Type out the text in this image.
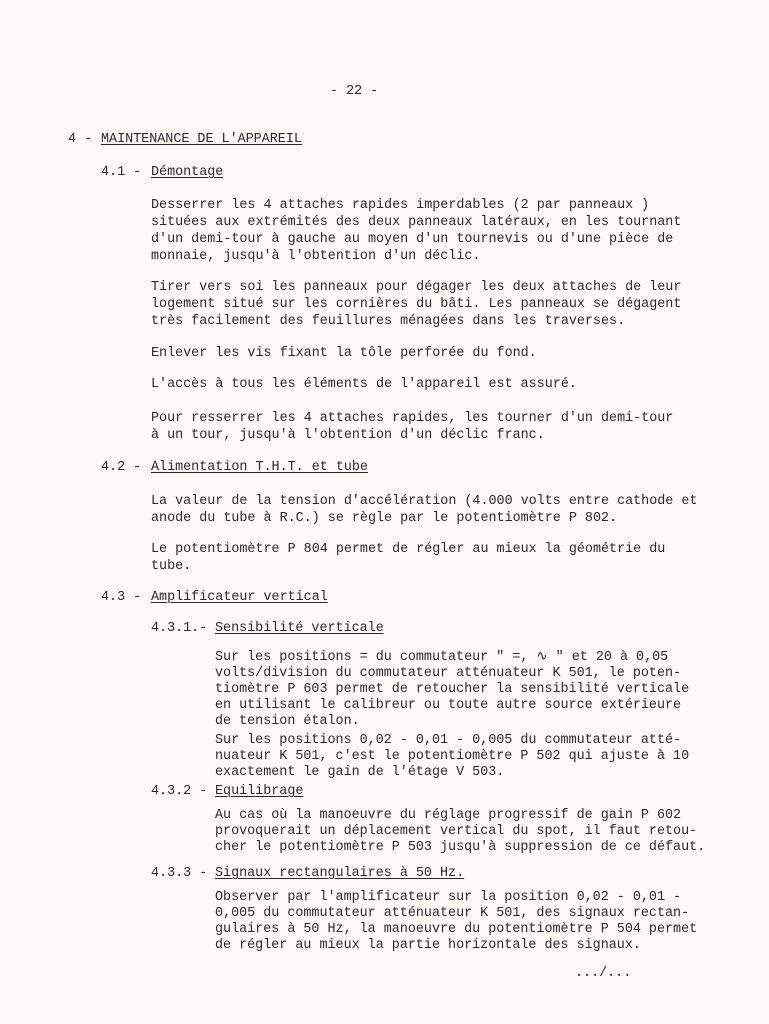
- 22 -
4 - MAINTENANCE DE L'APPAREIL
4.1 - Démontage
Desserrer les 4 attaches rapides imperdables (2 par panneaux )
situées aux extrémités des deux panneaux latéraux, en les tournant
d'un demi-tour à gauche au moyen d'un tournevis ou d'une pièce de
monnaie, jusqu'à l'obtention d'un déclic.
Tirer vers soi les panneaux pour dégager les deux attaches de leur
logement situé sur les cornières du bâti. Les panneaux se dégagent
très facilement des feuillures ménagées dans les traverses.
Enlever les vis fixant la tôle perforée du fond.
L'accès à tous les éléments de l'appareil est assuré.
Pour resserrer les 4 attaches rapides, les tourner d'un demi-tour
à un tour, jusqu'à l'obtention d'un déclic franc.
4.2 - Alimentation T.H.T. et tube
La valeur de la tension d'accélération (4.000 volts entre cathode et
anode du tube à R.C.) se règle par le potentiomètre P 802.
Le potentiomètre P 804 permet de régler au mieux la géométrie du
tube.
4.3 - Amplificateur vertical
4.3.1.- Sensibilité verticale
Sur les positions = du commutateur " =, ∿ " et 20 à 0,05
volts/division du commutateur atténuateur K 501, le poten-
tiomètre P 603 permet de retoucher la sensibilité verticale
en utilisant le calibreur ou toute autre source extérieure
de tension étalon.
Sur les positions 0,02 - 0,01 - 0,005 du commutateur atté-
nuateur K 501, c'est le potentiomètre P 502 qui ajuste à 10
exactement le gain de l'étage V 503.
4.3.2 - Equilibrage
Au cas où la manoeuvre du réglage progressif de gain P 602
provoquerait un déplacement vertical du spot, il faut retou-
cher le potentiomètre P 503 jusqu'à suppression de ce défaut.
4.3.3 - Signaux rectangulaires à 50 Hz.
Observer par l'amplificateur sur la position 0,02 - 0,01 -
0,005 du commutateur atténuateur K 501, des signaux rectan-
gulaires à 50 Hz, la manoeuvre du potentiomètre P 504 permet
de régler au mieux la partie horizontale des signaux.
.../...
